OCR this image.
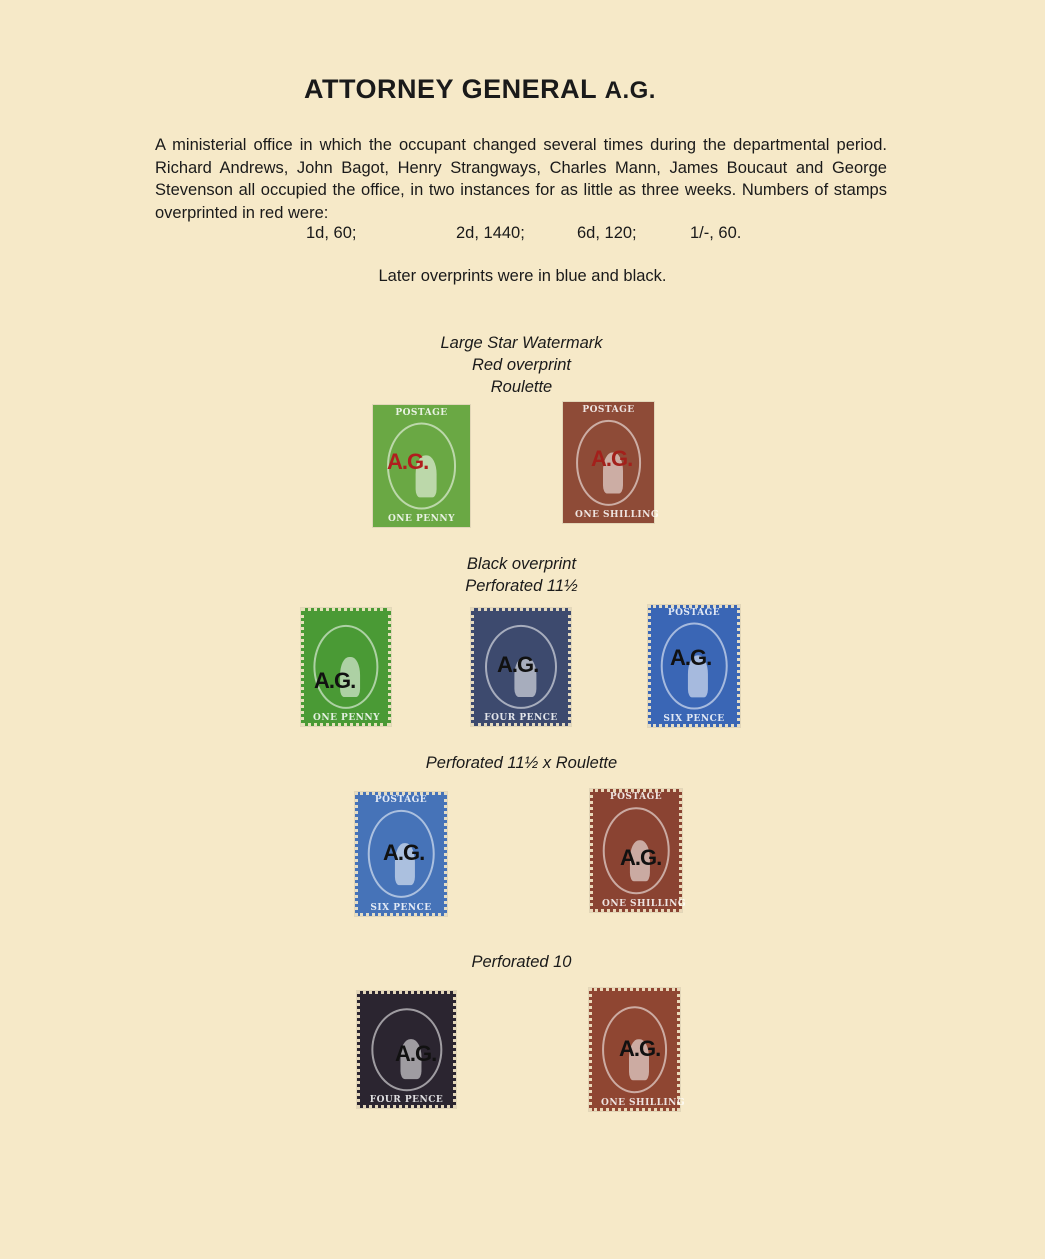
ATTORNEY GENERAL A.G.
A ministerial office in which the occupant changed several times during the departmental period. Richard Andrews, John Bagot, Henry Strangways, Charles Mann, James Boucaut and George Stevenson all occupied the office, in two instances for as little as three weeks. Numbers of stamps overprinted in red were:
1d, 60;	2d, 1440;	6d, 120;	1/-, 60.
Later overprints were in blue and black.
Large Star Watermark
Red overprint
Roulette
Black overprint
Perforated 11½
Perforated 11½ x Roulette
Perforated 10
POSTAGE
A.G.
ONE PENNY
POSTAGE
A.G.
ONE SHILLING
A.G.
ONE PENNY
A.G.
FOUR PENCE
POSTAGE
A.G.
SIX PENCE
POSTAGE
A.G.
SIX PENCE
POSTAGE
A.G.
ONE SHILLING
A.G.
FOUR PENCE
A.G.
ONE SHILLING
